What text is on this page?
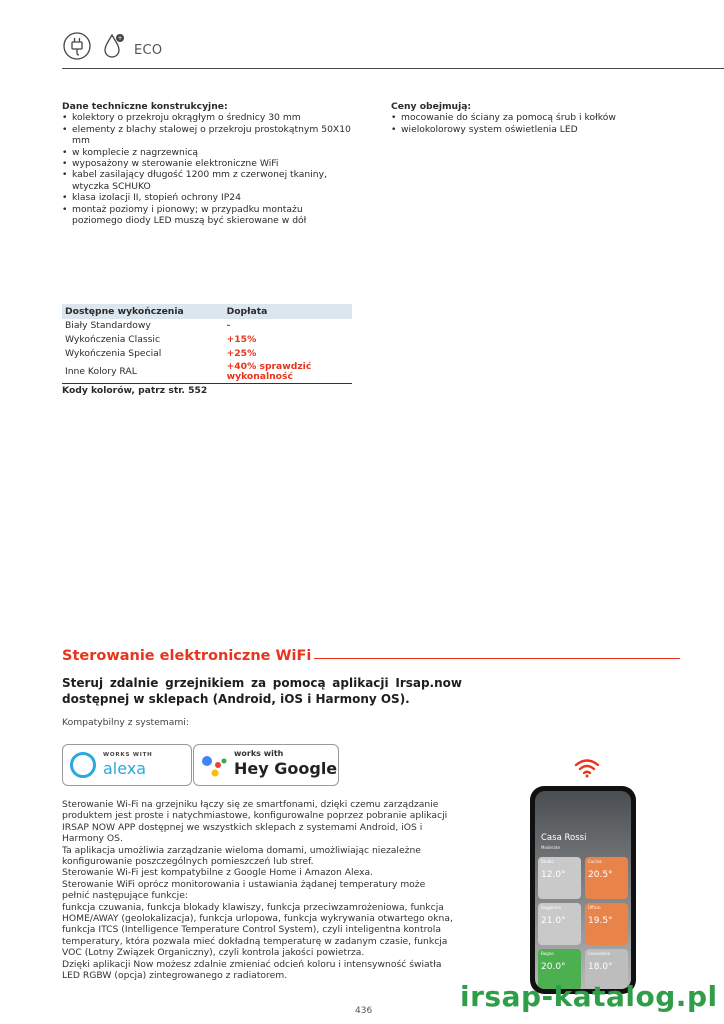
+
ECO
Dane techniczne konstrukcyjne:
• kolektory o przekroju okrągłym o średnicy 30 mm
• elementy z blachy stalowej o przekroju prostokątnym 50X10 mm
• w komplecie z nagrzewnicą
• wyposażony w sterowanie elektroniczne WiFi
• kabel zasilający długość 1200 mm z czerwonej tkaniny, wtyczka SCHUKO
• klasa izolacji II, stopień ochrony IP24
• montaż poziomy i pionowy; w przypadku montażu poziomego diody LED muszą być skierowane w dół
Ceny obejmują:
• mocowanie do ściany za pomocą śrub i kołków
• wielokolorowy system oświetlenia LED
Dostępne wykończenia	Dopłata
Biały Standardowy	-
Wykończenia Classic	+15%
Wykończenia Special	+25%
Inne Kolory RAL	+40% sprawdzić wykonalność
Kody kolorów, patrz str. 552
Sterowanie elektroniczne WiFi
Steruj zdalnie grzejnikiem za pomocą aplikacji Irsap.now dostępnej w sklepach (Android, iOS i Harmony OS).
Kompatybilny z systemami:
WORKS WITH
alexa
works with
Hey Google
Sterowanie Wi-Fi na grzejniku łączy się ze smartfonami, dzięki czemu zarządzanie produktem jest proste i natychmiastowe, konfigurowalne poprzez pobranie aplikacji IRSAP NOW APP dostępnej we wszystkich sklepach z systemami Android, iOS i Harmony OS.
Ta aplikacja umożliwia zarządzanie wieloma domami, umożliwiając niezależne konfigurowanie poszczególnych pomieszczeń lub stref.
Sterowanie Wi-Fi jest kompatybilne z Google Home i Amazon Alexa.
Sterowanie WiFi oprócz monitorowania i ustawiania żądanej temperatury może pełnić następujące funkcje:
funkcja czuwania, funkcja blokady klawiszy, funkcja przeciwzamrożeniowa, funkcja HOME/AWAY (geolokalizacja), funkcja urlopowa, funkcja wykrywania otwartego okna, funkcja ITCS (Intelligence Temperature Control System), czyli inteligentna kontrola temperatury, która pozwala mieć dokładną temperaturę w zadanym czasie, funkcja VOC (Lotny Związek Organiczny), czyli kontrola jakości powietrza.
Dzięki aplikacji Now możesz zdalnie zmieniać odcień koloru i intensywność światła LED RGBW (opcja) zintegrowanego z radiatorem.
Casa Rossi
Moderate
Studio
12.0°
Cucina
20.5°
Soggiorno
21.0°
Ufficio
19.5°
Bagno
20.0°
Lavanderia
18.0°
436	irsap-katalog.pl
